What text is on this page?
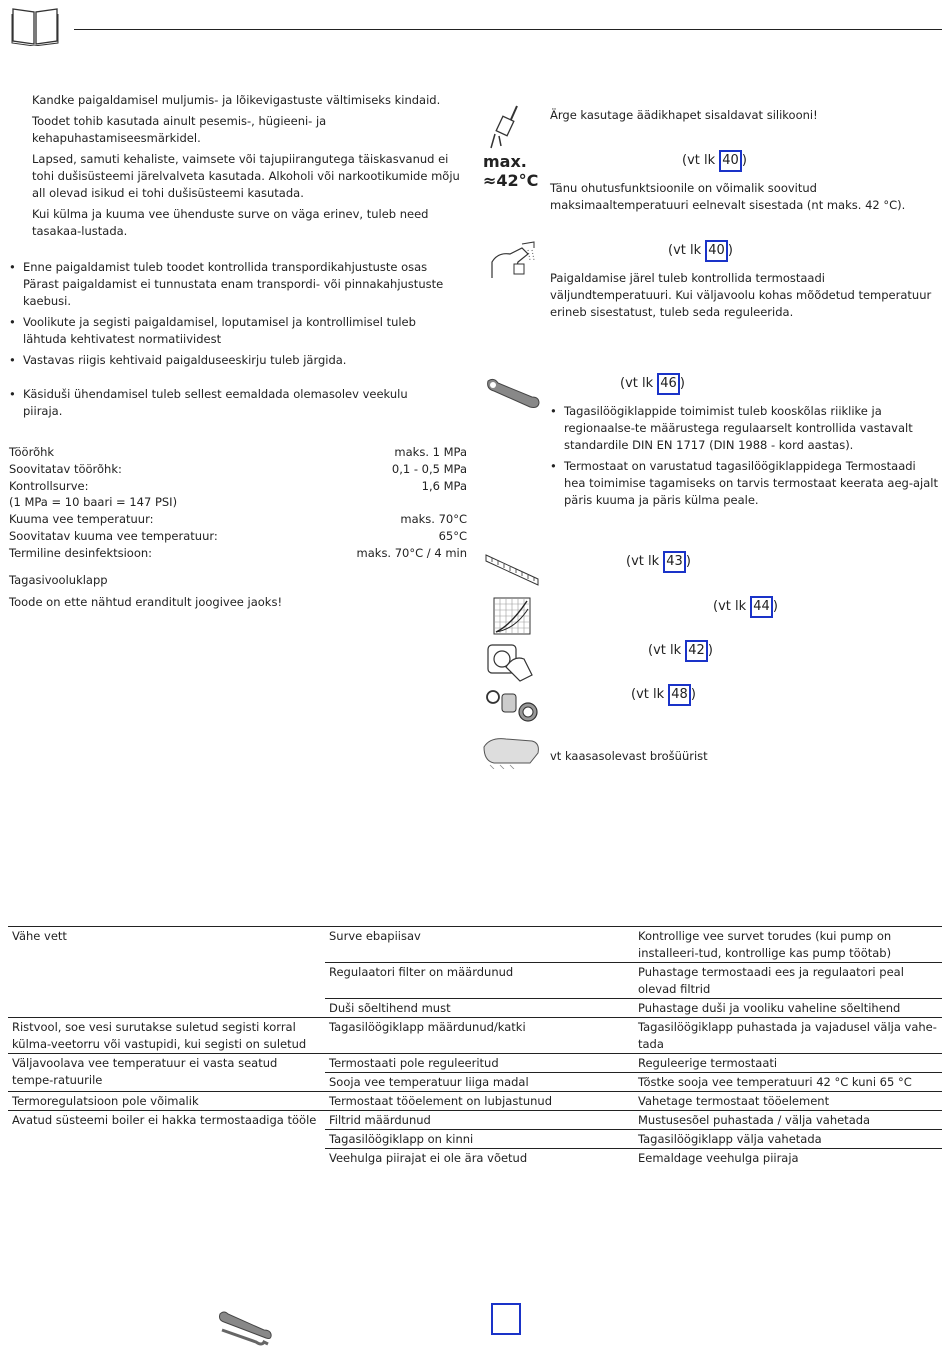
Kandke paigaldamisel muljumis- ja lõikevigastuste vältimiseks kindaid.

Toodet tohib kasutada ainult pesemis-, hügieeni- ja kehapuhastamiseesmärkidel.

Lapsed, samuti kehaliste, vaimsete või tajupiirangutega täiskasvanud ei tohi dušisüsteemi järelvalveta kasutada. Alkoholi või narkootikumide mõju all olevad isikud ei tohi dušisüsteemi kasutada.

Kui külma ja kuuma vee ühenduste surve on väga erinev, tuleb need tasakaa-lustada.

• Enne paigaldamist tuleb toodet kontrollida transpordikahjustuste osas Pärast paigaldamist ei tunnustata enam transpordi- või pinnakahjustuste kaebusi.
• Voolikute ja segisti paigaldamisel, loputamisel ja kontrollimisel tuleb lähtuda kehtivatest normatiividest
• Vastavas riigis kehtivaid paigalduseeskirju tuleb järgida.
• Käsiduši ühendamisel tuleb sellest eemaldada olemasolev veekulu piiraja.
Töörõhk	maks. 1 MPa
Soovitatav töörõhk:	0,1 - 0,5 MPa
Kontrollsurve:	1,6 MPa
(1 MPa = 10 baari = 147 PSI)
Kuuma vee temperatuur:	maks. 70°C
Soovitatav kuuma vee temperatuur:	65°C
Termiline desinfektsioon:	maks. 70°C / 4 min
Tagasivooluklapp
Toode on ette nähtud eranditult joogivee jaoks!
Ärge kasutage äädikhapet sisaldavat silikooni!
max.
≈42°C
(vt lk 40 )
Tänu ohutusfunktsioonile on võimalik soovitud maksimaaltemperatuuri eelnevalt sisestada (nt maks. 42 °C).
(vt lk 40 )
Paigaldamise järel tuleb kontrollida termostaadi väljundtemperatuuri. Kui väljavoolu kohas mõõdetud temperatuur erineb sisestatust, tuleb seda reguleerida.
(vt lk 46 )
• Tagasilöögiklappide toimimist tuleb kooskõlas riiklike ja regionaalse-te määrustega regulaarselt kontrollida vastavalt standardile DIN EN 1717 (DIN 1988 - kord aastas).
• Termostaat on varustatud tagasilöögiklappidega Termostaadi hea toimimise tagamiseks on tarvis termostaat keerata aeg-ajalt päris kuuma ja päris külma peale.
(vt lk 43 )
(vt lk 44 )
(vt lk 42 )
(vt lk 48 )
vt kaasasolevast brošüürist
Vähe vett	Surve ebapiisav	Kontrollige vee survet torudes (kui pump on installeeri-tud, kontrollige kas pump töötab)
	Regulaatori filter on määrdunud	Puhastage termostaadi ees ja regulaatori peal olevad filtrid
	Duši sõeltihend must	Puhastage duši ja vooliku vaheline sõeltihend
Ristvool, soe vesi surutakse suletud segisti korral külma-veetorru või vastupidi, kui segisti on suletud	Tagasilöögiklapp määrdunud/katki	Tagasilöögiklapp puhastada ja vajadusel välja vahe-tada
Väljavoolava vee temperatuur ei vasta seatud tempe-ratuurile	Termostaati pole reguleeritud	Reguleerige termostaati
	Sooja vee temperatuur liiga madal	Tõstke sooja vee temperatuuri 42 °C kuni 65 °C
Termoregulatsioon pole võimalik	Termostaat tööelement on lubjastunud	Vahetage termostaat tööelement
Avatud süsteemi boiler ei hakka termostaadiga tööle	Filtrid määrdunud	Mustusesõel puhastada / välja vahetada
	Tagasilöögiklapp on kinni	Tagasilöögiklapp välja vahetada
	Veehulga piirajat ei ole ära võetud	Eemaldage veehulga piiraja
